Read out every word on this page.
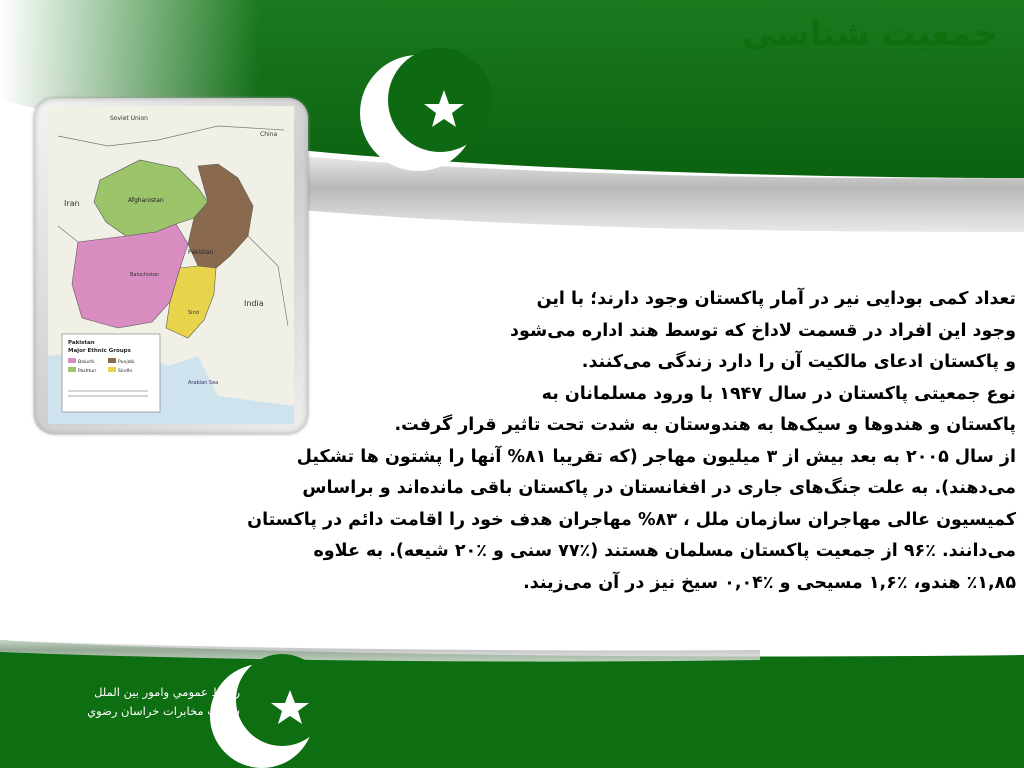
جمعیت شناسی
Soviet Union
China
Iran	Afghanistan
Pakistan
India
Baluchistan
Sind
Arabian Sea
Pakistan
Major Ethnic Groups
Baluchi	Punjabi
Pashtun	Sindhi
تعداد کمی بودایی نیر در آمار پاکستان وجود دارند؛ با این
وجود این افراد در قسمت لاداخ که توسط هند اداره می‌شود
و پاکستان ادعای مالکیت آن را دارد زندگی می‌کنند.
نوع جمعیتی پاکستان در سال ۱۹۴۷ با ورود مسلمانان به
پاکستان و هندوها و سیک‌ها به هندوستان به شدت تحت تاثیر قرار گرفت.
از سال ۲۰۰۵ به بعد بیش از ۳ میلیون مهاجر (که تقریبا ۸۱% آنها را پشتون ها تشکیل
می‌دهند). به علت جنگ‌های جاری در افغانستان در پاکستان باقی مانده‌اند و براساس
کمیسیون عالی مهاجران سازمان ملل ، ۸۳% مهاجران هدف خود را اقامت دائم در پاکستان
می‌دانند. ٪۹۶ از جمعیت پاکستان مسلمان هستند (٪۷۷ سنی و ٪۲۰ شیعه). به علاوه
٪۱,۸۵ هندو، ٪۱,۶ مسیحی و ٪۰,۰۴ سیخ نیز در آن می‌زیند.
روابط عمومي وامور بين الملل
شركت مخابرات خراسان رضوي
